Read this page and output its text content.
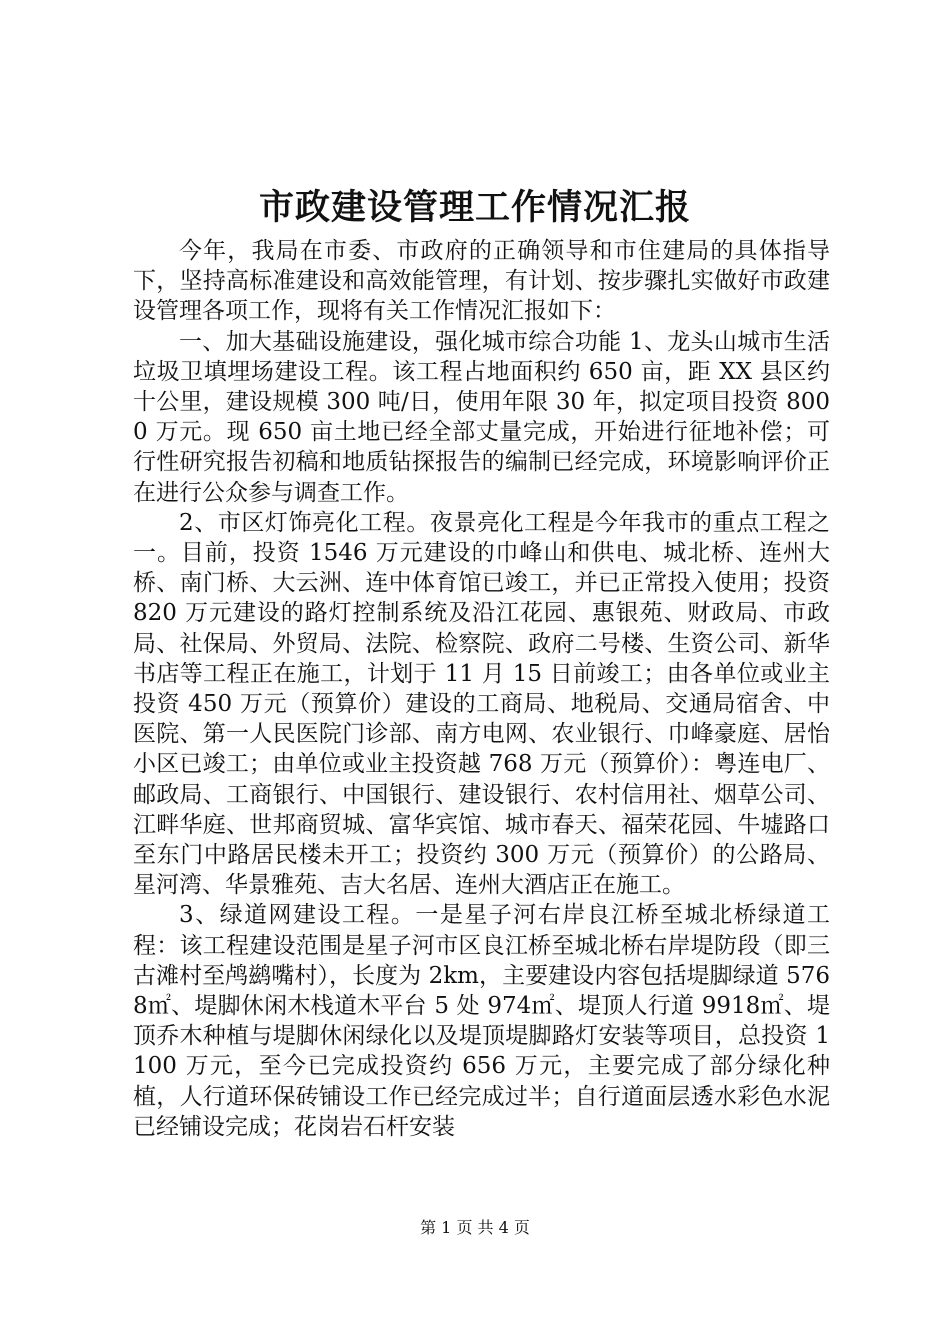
市政建设管理工作情况汇报

今年，我局在市委、市政府的正确领导和市住建局的具体指导下，坚持高标准建设和高效能管理，有计划、按步骤扎实做好市政建设管理各项工作，现将有关工作情况汇报如下：

一、加大基础设施建设，强化城市综合功能 1、龙头山城市生活垃圾卫填埋场建设工程。该工程占地面积约 650 亩，距 XX 县区约十公里，建设规模 300 吨/日，使用年限 30 年，拟定项目投资 8000 万元。现 650 亩土地已经全部丈量完成，开始进行征地补偿；可行性研究报告初稿和地质钻探报告的编制已经完成，环境影响评价正在进行公众参与调查工作。

2、市区灯饰亮化工程。夜景亮化工程是今年我市的重点工程之一。目前，投资 1546 万元建设的巾峰山和供电、城北桥、连州大桥、南门桥、大云洲、连中体育馆已竣工，并已正常投入使用；投资 820 万元建设的路灯控制系统及沿江花园、惠银苑、财政局、市政局、社保局、外贸局、法院、检察院、政府二号楼、生资公司、新华书店等工程正在施工，计划于 11 月 15 日前竣工；由各单位或业主投资 450 万元（预算价）建设的工商局、地税局、交通局宿舍、中医院、第一人民医院门诊部、南方电网、农业银行、巾峰豪庭、居怡小区已竣工；由单位或业主投资越 768 万元（预算价）：粤连电厂、邮政局、工商银行、中国银行、建设银行、农村信用社、烟草公司、江畔华庭、世邦商贸城、富华宾馆、城市春天、福荣花园、牛墟路口至东门中路居民楼未开工；投资约 300 万元（预算价）的公路局、星河湾、华景雅苑、吉大名居、连州大酒店正在施工。

3、绿道网建设工程。一是星子河右岸良江桥至城北桥绿道工程：该工程建设范围是星子河市区良江桥至城北桥右岸堤防段（即三古滩村至鸬鹚嘴村），长度为 2km，主要建设内容包括堤脚绿道 5768㎡、堤脚休闲木栈道木平台 5 处 974㎡、堤顶人行道 9918㎡、堤顶乔木种植与堤脚休闲绿化以及堤顶堤脚路灯安装等项目，总投资 1100 万元，至今已完成投资约 656 万元，主要完成了部分绿化种植，人行道环保砖铺设工作已经完成过半；自行道面层透水彩色水泥已经铺设完成；花岗岩石杆安装

第 1 页 共 4 页
